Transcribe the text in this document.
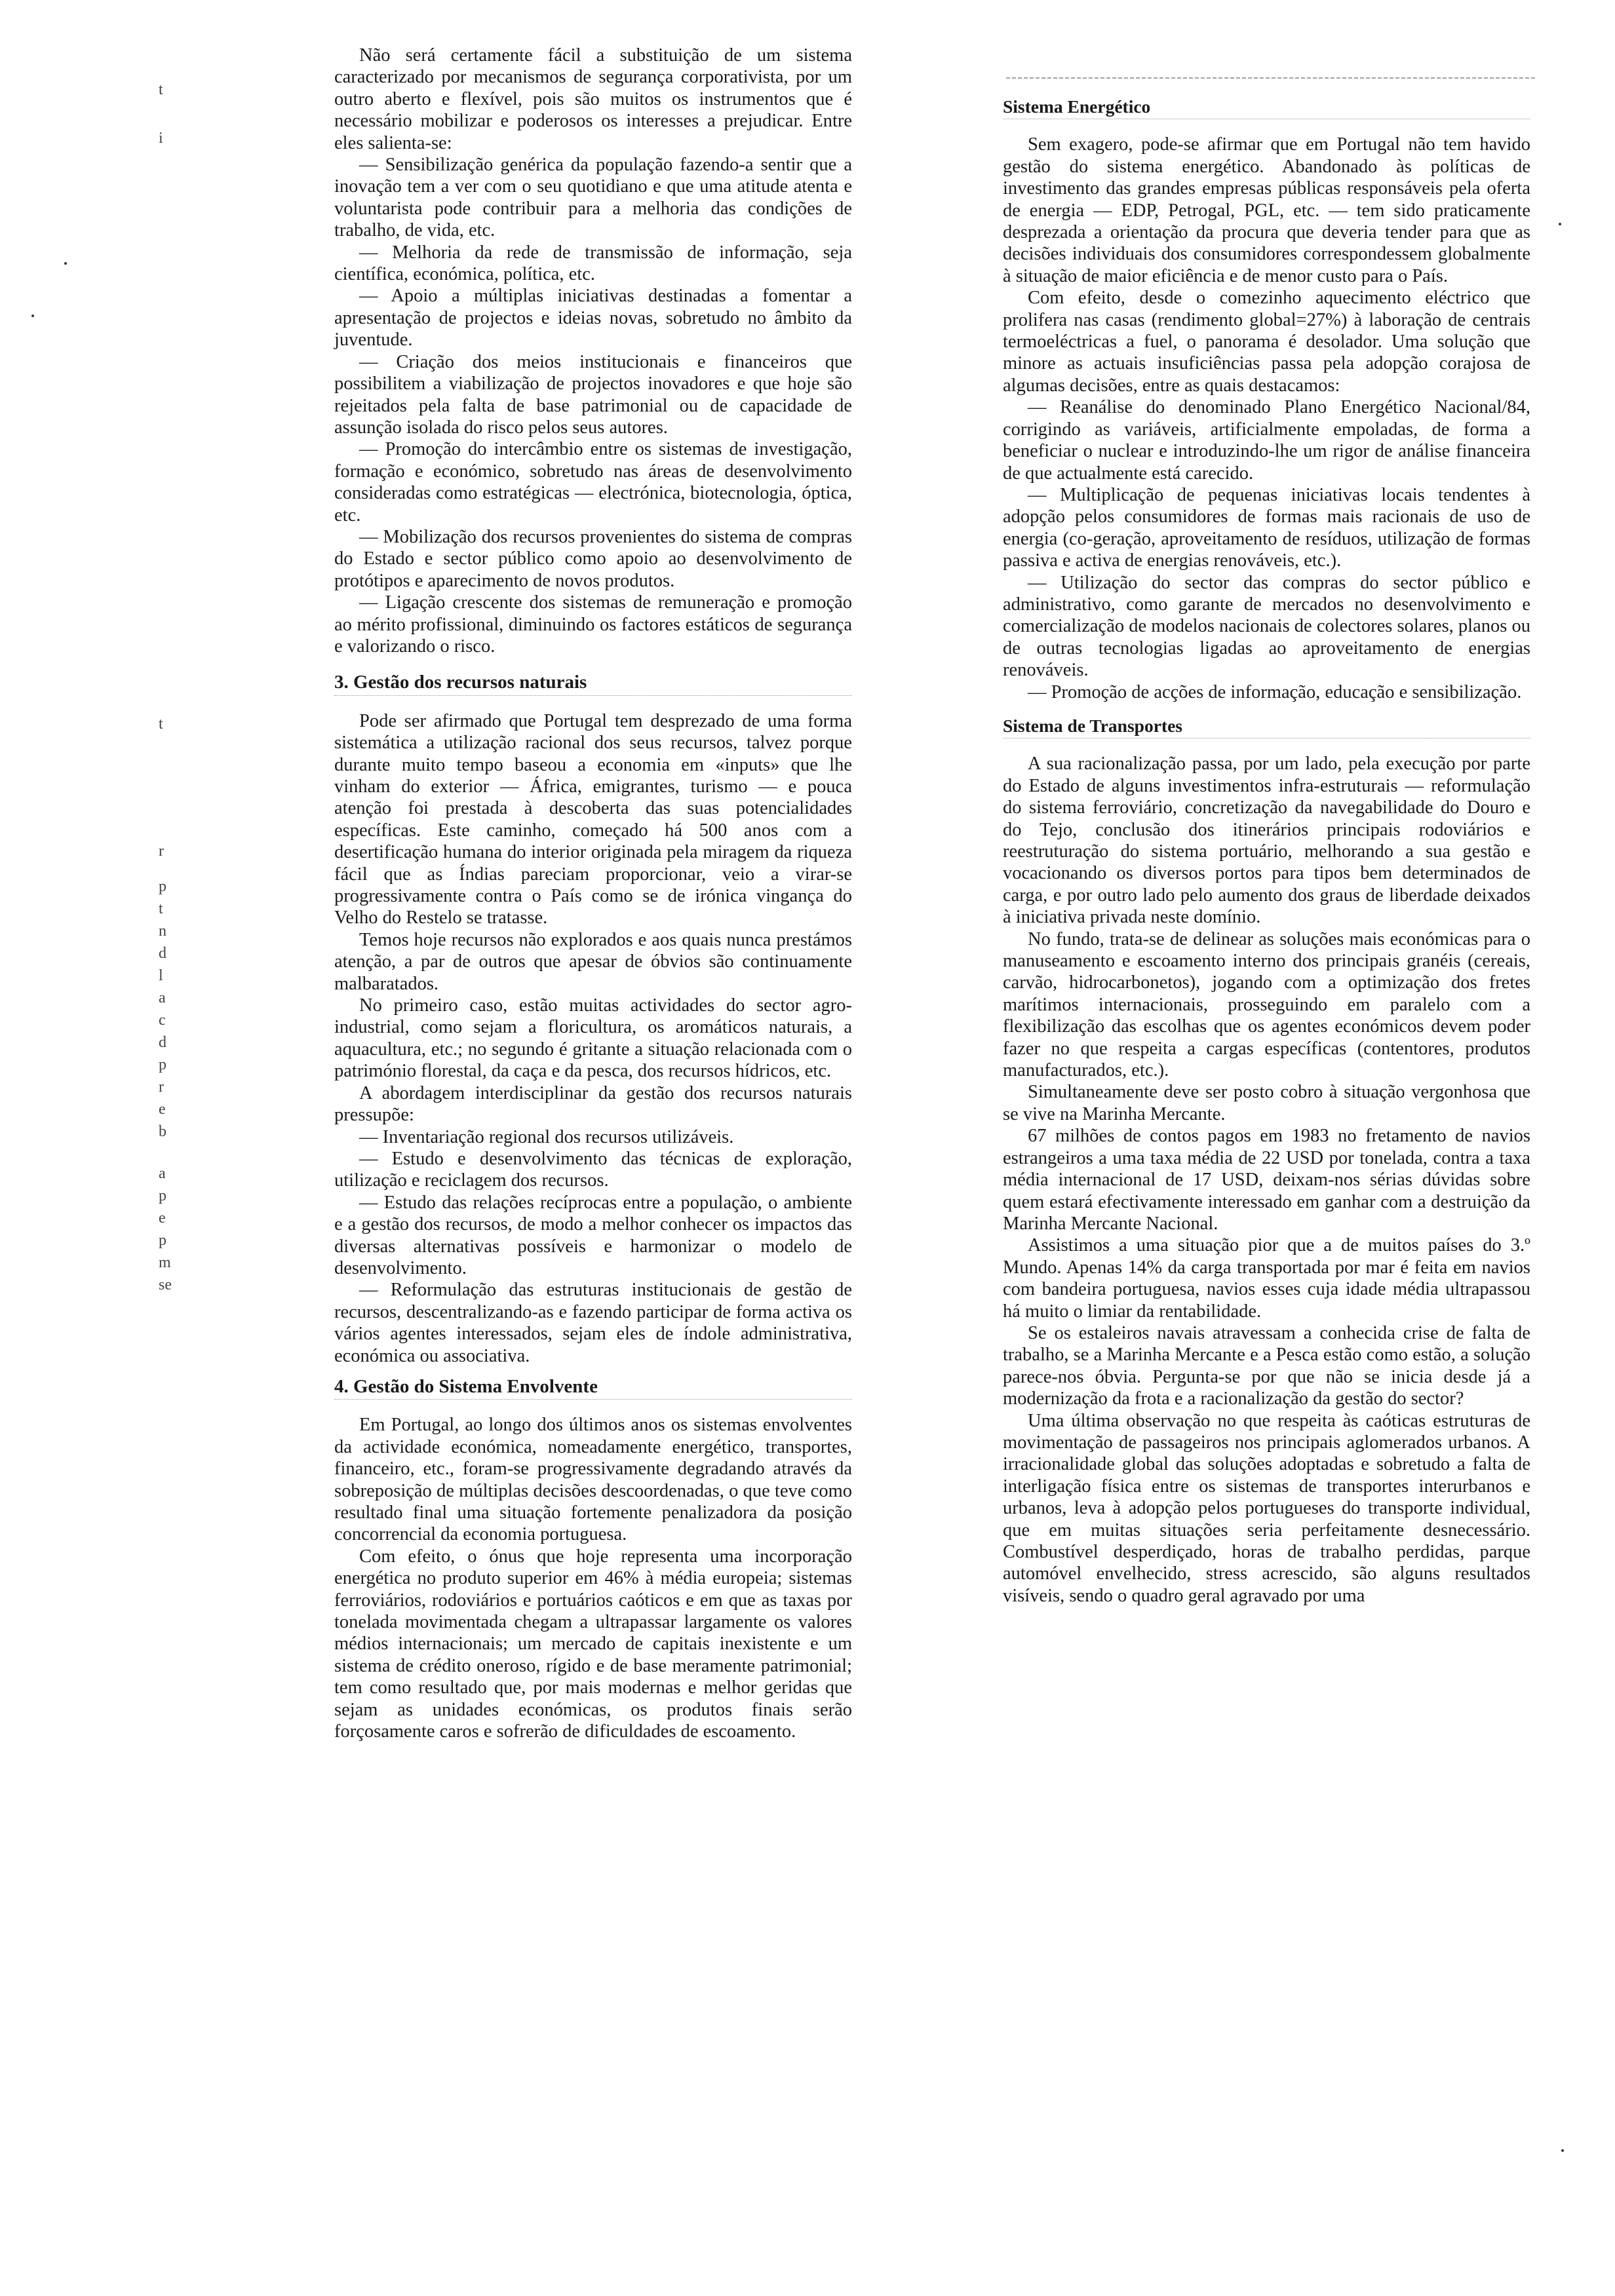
t
i
t
r
p
t
n
d
l
a
c
d
p
r
e
b
a
p
e
p
m
se

Não será certamente fácil a substituição de um sistema caracterizado por mecanismos de segurança corporativista, por um outro aberto e flexível, pois são muitos os instrumentos que é necessário mobilizar e poderosos os interesses a prejudicar. Entre eles salienta-se:

— Sensibilização genérica da população fazendo-a sentir que a inovação tem a ver com o seu quotidiano e que uma atitude atenta e voluntarista pode contribuir para a melhoria das condições de trabalho, de vida, etc.

— Melhoria da rede de transmissão de informação, seja científica, económica, política, etc.

— Apoio a múltiplas iniciativas destinadas a fomentar a apresentação de projectos e ideias novas, sobretudo no âmbito da juventude.

— Criação dos meios institucionais e financeiros que possibilitem a viabilização de projectos inovadores e que hoje são rejeitados pela falta de base patrimonial ou de capacidade de assunção isolada do risco pelos seus autores.

— Promoção do intercâmbio entre os sistemas de investigação, formação e económico, sobretudo nas áreas de desenvolvimento consideradas como estratégicas — electrónica, biotecnologia, óptica, etc.

— Mobilização dos recursos provenientes do sistema de compras do Estado e sector público como apoio ao desenvolvimento de protótipos e aparecimento de novos produtos.

— Ligação crescente dos sistemas de remuneração e promoção ao mérito profissional, diminuindo os factores estáticos de segurança e valorizando o risco.

3. Gestão dos recursos naturais

Pode ser afirmado que Portugal tem desprezado de uma forma sistemática a utilização racional dos seus recursos, talvez porque durante muito tempo baseou a economia em «inputs» que lhe vinham do exterior — África, emigrantes, turismo — e pouca atenção foi prestada à descoberta das suas potencialidades específicas. Este caminho, começado há 500 anos com a desertificação humana do interior originada pela miragem da riqueza fácil que as Índias pareciam proporcionar, veio a virar-se progressivamente contra o País como se de irónica vingança do Velho do Restelo se tratasse.

Temos hoje recursos não explorados e aos quais nunca prestámos atenção, a par de outros que apesar de óbvios são continuamente malbaratados.

No primeiro caso, estão muitas actividades do sector agro-industrial, como sejam a floricultura, os aromáticos naturais, a aquacultura, etc.; no segundo é gritante a situação relacionada com o património florestal, da caça e da pesca, dos recursos hídricos, etc.

A abordagem interdisciplinar da gestão dos recursos naturais pressupõe:

— Inventariação regional dos recursos utilizáveis.

— Estudo e desenvolvimento das técnicas de exploração, utilização e reciclagem dos recursos.

— Estudo das relações recíprocas entre a população, o ambiente e a gestão dos recursos, de modo a melhor conhecer os impactos das diversas alternativas possíveis e harmonizar o modelo de desenvolvimento.

— Reformulação das estruturas institucionais de gestão de recursos, descentralizando-as e fazendo participar de forma activa os vários agentes interessados, sejam eles de índole administrativa, económica ou associativa.

4. Gestão do Sistema Envolvente

Em Portugal, ao longo dos últimos anos os sistemas envolventes da actividade económica, nomeadamente energético, transportes, financeiro, etc., foram-se progressivamente degradando através da sobreposição de múltiplas decisões descoordenadas, o que teve como resultado final uma situação fortemente penalizadora da posição concorrencial da economia portuguesa.

Com efeito, o ónus que hoje representa uma incorporação energética no produto superior em 46% à média europeia; sistemas ferroviários, rodoviários e portuários caóticos e em que as taxas por tonelada movimentada chegam a ultrapassar largamente os valores médios internacionais; um mercado de capitais inexistente e um sistema de crédito oneroso, rígido e de base meramente patrimonial; tem como resultado que, por mais modernas e melhor geridas que sejam as unidades económicas, os produtos finais serão forçosamente caros e sofrerão de dificuldades de escoamento.

Sistema Energético

Sem exagero, pode-se afirmar que em Portugal não tem havido gestão do sistema energético. Abandonado às políticas de investimento das grandes empresas públicas responsáveis pela oferta de energia — EDP, Petrogal, PGL, etc. — tem sido praticamente desprezada a orientação da procura que deveria tender para que as decisões individuais dos consumidores correspondessem globalmente à situação de maior eficiência e de menor custo para o País.

Com efeito, desde o comezinho aquecimento eléctrico que prolifera nas casas (rendimento global=27%) à laboração de centrais termoeléctricas a fuel, o panorama é desolador. Uma solução que minore as actuais insuficiências passa pela adopção corajosa de algumas decisões, entre as quais destacamos:

— Reanálise do denominado Plano Energético Nacional/84, corrigindo as variáveis, artificialmente empoladas, de forma a beneficiar o nuclear e introduzindo-lhe um rigor de análise financeira de que actualmente está carecido.

— Multiplicação de pequenas iniciativas locais tendentes à adopção pelos consumidores de formas mais racionais de uso de energia (co-geração, aproveitamento de resíduos, utilização de formas passiva e activa de energias renováveis, etc.).

— Utilização do sector das compras do sector público e administrativo, como garante de mercados no desenvolvimento e comercialização de modelos nacionais de colectores solares, planos ou de outras tecnologias ligadas ao aproveitamento de energias renováveis.

— Promoção de acções de informação, educação e sensibilização.

Sistema de Transportes

A sua racionalização passa, por um lado, pela execução por parte do Estado de alguns investimentos infra-estruturais — reformulação do sistema ferroviário, concretização da navegabilidade do Douro e do Tejo, conclusão dos itinerários principais rodoviários e reestruturação do sistema portuário, melhorando a sua gestão e vocacionando os diversos portos para tipos bem determinados de carga, e por outro lado pelo aumento dos graus de liberdade deixados à iniciativa privada neste domínio.

No fundo, trata-se de delinear as soluções mais económicas para o manuseamento e escoamento interno dos principais granéis (cereais, carvão, hidrocarbonetos), jogando com a optimização dos fretes marítimos internacionais, prosseguindo em paralelo com a flexibilização das escolhas que os agentes económicos devem poder fazer no que respeita a cargas específicas (contentores, produtos manufacturados, etc.).

Simultaneamente deve ser posto cobro à situação vergonhosa que se vive na Marinha Mercante.

67 milhões de contos pagos em 1983 no fretamento de navios estrangeiros a uma taxa média de 22 USD por tonelada, contra a taxa média internacional de 17 USD, deixam-nos sérias dúvidas sobre quem estará efectivamente interessado em ganhar com a destruição da Marinha Mercante Nacional.

Assistimos a uma situação pior que a de muitos países do 3.º Mundo. Apenas 14% da carga transportada por mar é feita em navios com bandeira portuguesa, navios esses cuja idade média ultrapassou há muito o limiar da rentabilidade.

Se os estaleiros navais atravessam a conhecida crise de falta de trabalho, se a Marinha Mercante e a Pesca estão como estão, a solução parece-nos óbvia. Pergunta-se por que não se inicia desde já a modernização da frota e a racionalização da gestão do sector?

Uma última observação no que respeita às caóticas estruturas de movimentação de passageiros nos principais aglomerados urbanos. A irracionalidade global das soluções adoptadas e sobretudo a falta de interligação física entre os sistemas de transportes interurbanos e urbanos, leva à adopção pelos portugueses do transporte individual, que em muitas situações seria perfeitamente desnecessário. Combustível desperdiçado, horas de trabalho perdidas, parque automóvel envelhecido, stress acrescido, são alguns resultados visíveis, sendo o quadro geral agravado por uma
